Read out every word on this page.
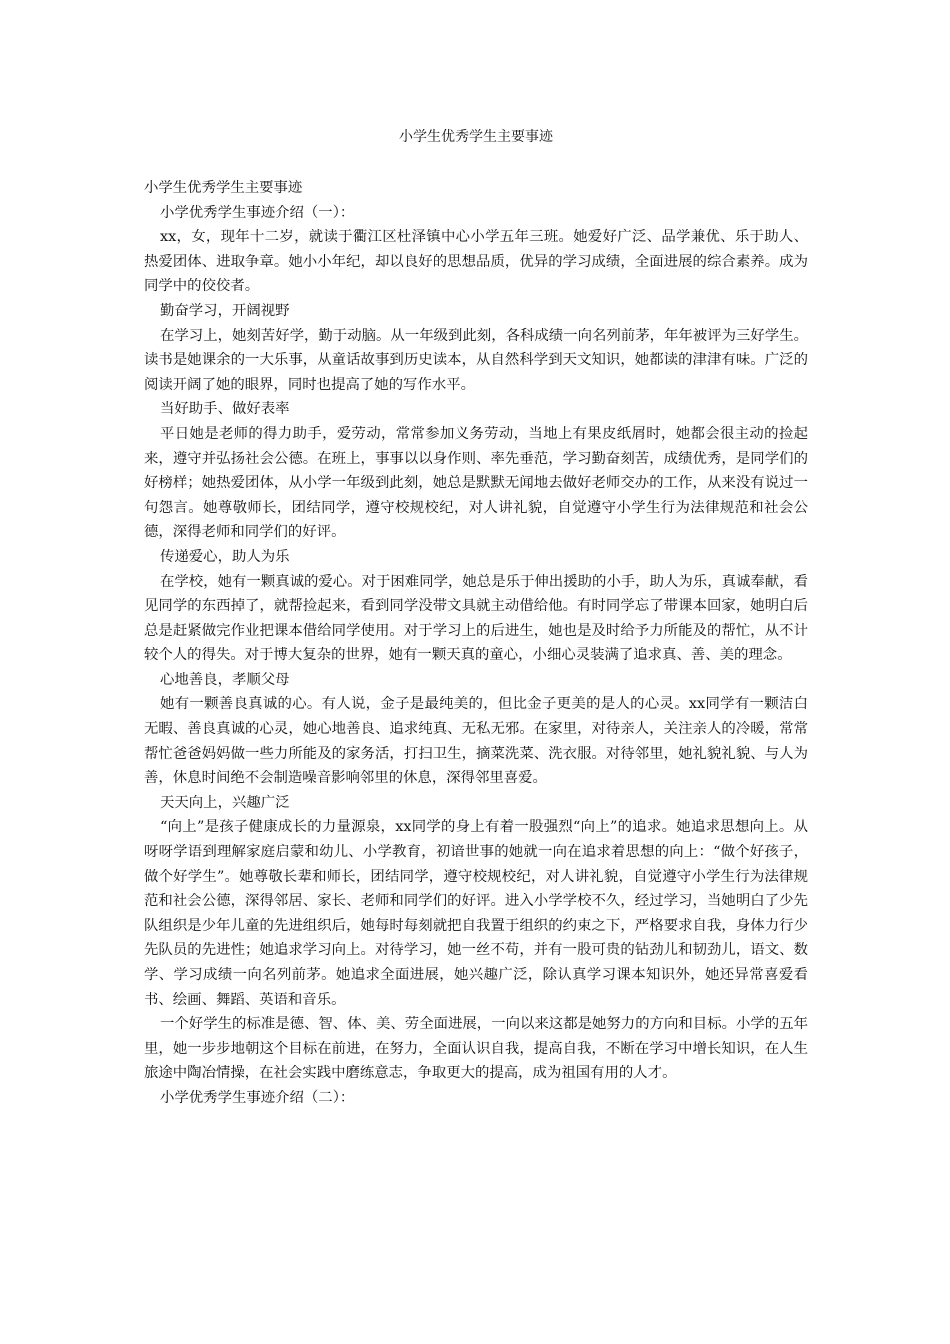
小学生优秀学生主要事迹

小学生优秀学生主要事迹

小学优秀学生事迹介绍（一）：

xx，女，现年十二岁，就读于衢江区杜泽镇中心小学五年三班。她爱好广泛、品学兼优、乐于助人、热爱团体、进取争章。她小小年纪，却以良好的思想品质，优异的学习成绩，全面进展的综合素养。成为同学中的佼佼者。

勤奋学习，开阔视野

在学习上，她刻苦好学，勤于动脑。从一年级到此刻，各科成绩一向名列前茅，年年被评为三好学生。读书是她课余的一大乐事，从童话故事到历史读本，从自然科学到天文知识，她都读的津津有味。广泛的阅读开阔了她的眼界，同时也提高了她的写作水平。

当好助手、做好表率

平日她是老师的得力助手，爱劳动，常常参加义务劳动，当地上有果皮纸屑时，她都会很主动的捡起来，遵守并弘扬社会公德。在班上，事事以以身作则、率先垂范，学习勤奋刻苦，成绩优秀，是同学们的好榜样；她热爱团体，从小学一年级到此刻，她总是默默无闻地去做好老师交办的工作，从来没有说过一句怨言。她尊敬师长，团结同学，遵守校规校纪，对人讲礼貌，自觉遵守小学生行为法律规范和社会公德，深得老师和同学们的好评。

传递爱心，助人为乐

在学校，她有一颗真诚的爱心。对于困难同学，她总是乐于伸出援助的小手，助人为乐，真诚奉献，看见同学的东西掉了，就帮捡起来，看到同学没带文具就主动借给他。有时同学忘了带课本回家，她明白后总是赶紧做完作业把课本借给同学使用。对于学习上的后进生，她也是及时给予力所能及的帮忙，从不计较个人的得失。对于博大复杂的世界，她有一颗天真的童心，小细心灵装满了追求真、善、美的理念。

心地善良，孝顺父母

她有一颗善良真诚的心。有人说，金子是最纯美的，但比金子更美的是人的心灵。xx同学有一颗洁白无暇、善良真诚的心灵，她心地善良、追求纯真、无私无邪。在家里，对待亲人，关注亲人的冷暖，常常帮忙爸爸妈妈做一些力所能及的家务活，打扫卫生，摘菜洗菜、洗衣服。对待邻里，她礼貌礼貌、与人为善，休息时间绝不会制造噪音影响邻里的休息，深得邻里喜爱。

天天向上，兴趣广泛

“向上”是孩子健康成长的力量源泉，xx同学的身上有着一股强烈“向上”的追求。她追求思想向上。从呀呀学语到理解家庭启蒙和幼儿、小学教育，初谙世事的她就一向在追求着思想的向上：“做个好孩子，做个好学生”。她尊敬长辈和师长，团结同学，遵守校规校纪，对人讲礼貌，自觉遵守小学生行为法律规范和社会公德，深得邻居、家长、老师和同学们的好评。进入小学学校不久，经过学习，当她明白了少先队组织是少年儿童的先进组织后，她每时每刻就把自我置于组织的约束之下，严格要求自我，身体力行少先队员的先进性；她追求学习向上。对待学习，她一丝不苟，并有一股可贵的钻劲儿和韧劲儿，语文、数学、学习成绩一向名列前茅。她追求全面进展，她兴趣广泛，除认真学习课本知识外，她还异常喜爱看书、绘画、舞蹈、英语和音乐。

一个好学生的标准是德、智、体、美、劳全面进展，一向以来这都是她努力的方向和目标。小学的五年里，她一步步地朝这个目标在前进，在努力，全面认识自我，提高自我，不断在学习中增长知识，在人生旅途中陶冶情操，在社会实践中磨练意志，争取更大的提高，成为祖国有用的人才。

小学优秀学生事迹介绍（二）：
